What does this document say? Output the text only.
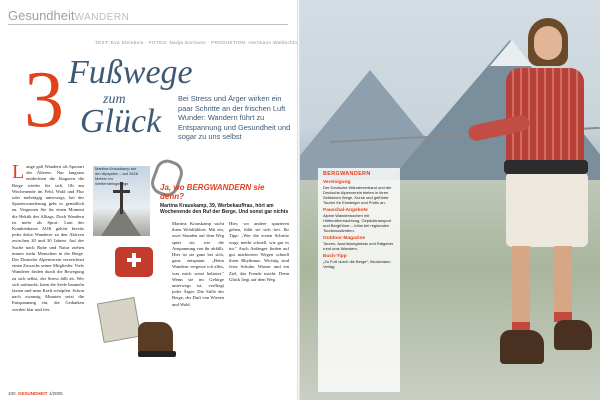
GesundheitWANDERN
TEXT: Eva Steinbeis · FOTOS: Nadja Bormann · PRODUKTION: Hartmann Waldschlö
3 Fußwege
zum
Glück
Bei Stress und Ärger wirken ein paar Schritte an der frischen Luft Wunder: Wandern führt zu Entspannung und Gesundheit und sogar zu uns selbst
Lange galt Wandern als Sportart der Älteren. Nur langsam entdeckten die Jüngeren die Berge wieder für sich. Ob am Wochenende im Feld, Wald und Flur oder mehrtägig unterwegs, bei der Spazierwanderung geht es gemütlich zu. Vergessen Sie für einen Moment die Hektik des Alltags. Doch Wandern ist mehr als Sport: Laut der Krankenkasse AOK gehört bereits jeder dritte Wanderer zu den Aktiven zwischen 20 und 30 Jahren. Auf der Suche nach Ruhe und Natur ziehen immer mehr Menschen in die Berge. Der Deutsche Alpenverein verzeichnet einen Zuwachs seiner Mitglieder. Viele Wanderer finden durch die Bewegung zu sich selbst, der Stress fällt ab. Wer sich aufmacht, kann die Seele baumeln lassen und neue Kraft schöpfen. Schon nach zwanzig Minuten setzt die Entspannung ein, die Gedanken werden klar und frei.
Martina Krauskamp auf der Alpspitze – auf 2628 Metern im Wettersteingebirge	Ja, wo BERGWANDERN sie denn?
Martina Krauskamp, 39, Werbekauffrau, hört am Wochenende den Ruf der Berge. Und sonst gar nichts
Martina Krauskamp sucht ihren Wohlfühlort. Mit ein, zwei Stunden auf dem Weg spürt sie, wie die Anspannung von ihr abfällt. Hier ist sie ganz bei sich, ganz entspannt. „Beim Wandern vergesse ich alles, was mich sonst belastet." Wenn sie im Gebirge unterwegs ist, verfliegt jeder Ärger. Die Stille der Berge, der Duft von Wiesen und Wald.
Hier, wo andere spazieren gehen, fühlt sie sich frei. Ihr Tipp: „Wer die ersten Schritte wagt, merkt schnell, wie gut es tut." Auch Anfänger finden auf gut markierten Wegen schnell ihren Rhythmus. Wichtig sind feste Schuhe, Wasser und ein Ziel, das Freude macht. Denn Glück liegt auf dem Weg.
100 GESUNDHEIT 1/2005
BERGWANDERN
Vereinigung
Der Deutsche Wanderverband und der Deutsche Alpenverein bieten in ihren Sektionen Wege, Kurse und geführte Touren für Einsteiger und Profis an.
Pauschal-Angebote
Alpine Wanderwochen mit Hüttenübernachtung, Gepäcktransport und Bergführer – Infos bei regionalen Tourismusämtern.
Outdoor-Magazine
Touren, Ausrüstungstests und Ratgeber rund ums Wandern.
Buch-Tipp
„Zu Fuß durch die Berge", Bruckmann Verlag.
